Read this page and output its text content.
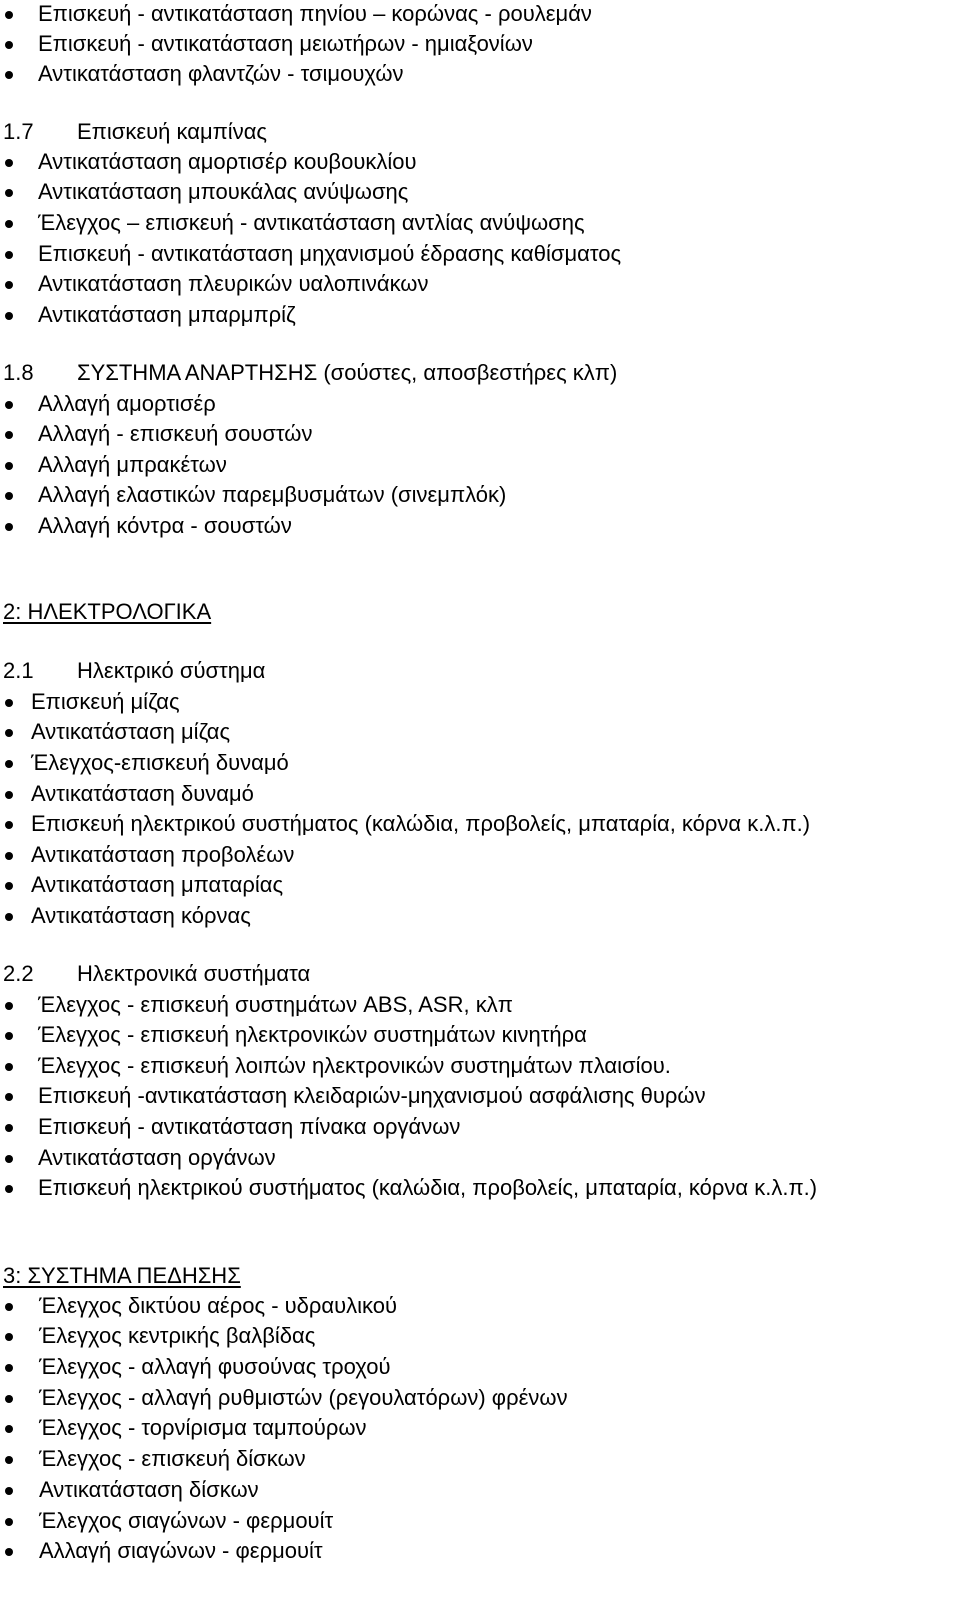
Επισκευή - αντικατάσταση πηνίου – κορώνας - ρουλεμάν
Επισκευή - αντικατάσταση μειωτήρων - ημιαξονίων
Αντικατάσταση φλαντζών - τσιμουχών
1.7 Επισκευή καμπίνας
Αντικατάσταση αμορτισέρ κουβουκλίου
Αντικατάσταση μπουκάλας ανύψωσης
Έλεγχος – επισκευή - αντικατάσταση αντλίας ανύψωσης
Επισκευή - αντικατάσταση μηχανισμού έδρασης καθίσματος
Αντικατάσταση πλευρικών υαλοπινάκων
Αντικατάσταση μπαρμπρίζ
1.8 ΣΥΣΤΗΜΑ ΑΝΑΡΤΗΣΗΣ (σούστες, αποσβεστήρες κλπ)
Αλλαγή αμορτισέρ
Αλλαγή - επισκευή σουστών
Αλλαγή μπρακέτων
Αλλαγή ελαστικών παρεμβυσμάτων (σινεμπλόκ)
Αλλαγή κόντρα - σουστών
2: ΗΛΕΚΤΡΟΛΟΓΙΚΑ
2.1 Ηλεκτρικό σύστημα
Επισκευή μίζας
Αντικατάσταση μίζας
Έλεγχος-επισκευή δυναμό
Αντικατάσταση δυναμό
Επισκευή ηλεκτρικού συστήματος (καλώδια, προβολείς, μπαταρία, κόρνα κ.λ.π.)
Αντικατάσταση προβολέων
Αντικατάσταση μπαταρίας
Αντικατάσταση κόρνας
2.2 Ηλεκτρονικά συστήματα
Έλεγχος - επισκευή συστημάτων ABS, ASR, κλπ
Έλεγχος - επισκευή ηλεκτρονικών συστημάτων κινητήρα
Έλεγχος - επισκευή λοιπών ηλεκτρονικών συστημάτων πλαισίου.
Επισκευή -αντικατάσταση κλειδαριών-μηχανισμού ασφάλισης θυρών
Επισκευή - αντικατάσταση πίνακα οργάνων
Αντικατάσταση οργάνων
Επισκευή ηλεκτρικού συστήματος (καλώδια, προβολείς, μπαταρία, κόρνα κ.λ.π.)
3: ΣΥΣΤΗΜΑ ΠΕΔΗΣΗΣ
Έλεγχος δικτύου αέρος - υδραυλικού
Έλεγχος κεντρικής βαλβίδας
Έλεγχος - αλλαγή φυσούνας τροχού
Έλεγχος - αλλαγή ρυθμιστών (ρεγουλατόρων) φρένων
Έλεγχος - τορνίρισμα ταμπούρων
Έλεγχος - επισκευή δίσκων
Αντικατάσταση δίσκων
Έλεγχος σιαγώνων - φερμουίτ
Αλλαγή σιαγώνων - φερμουίτ
